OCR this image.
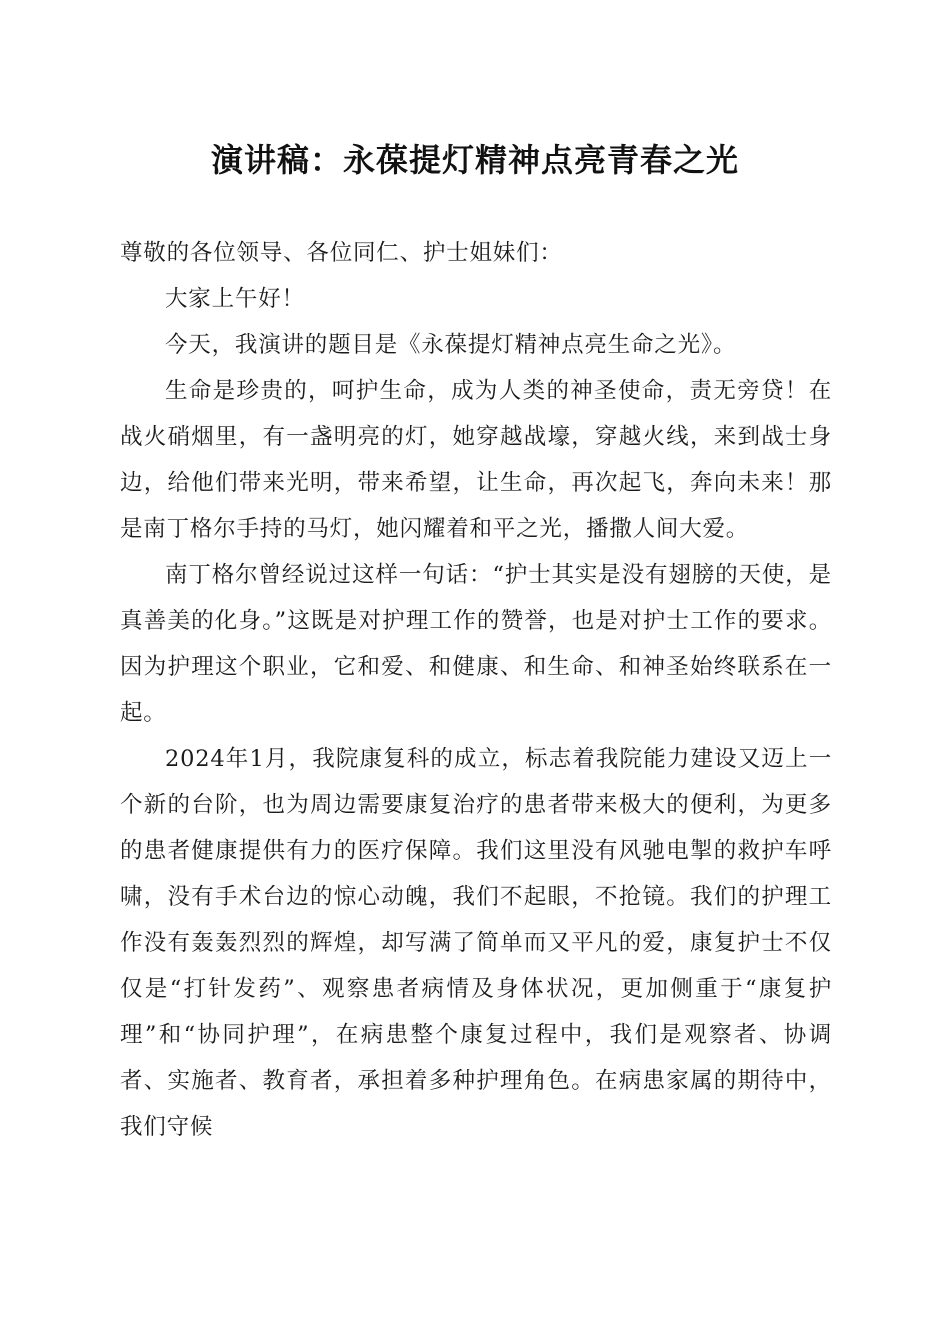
演讲稿：永葆提灯精神点亮青春之光

尊敬的各位领导、各位同仁、护士姐妹们：

大家上午好！

今天，我演讲的题目是《永葆提灯精神点亮生命之光》。

生命是珍贵的，呵护生命，成为人类的神圣使命，责无旁贷！在战火硝烟里，有一盏明亮的灯，她穿越战壕，穿越火线，来到战士身边，给他们带来光明，带来希望，让生命，再次起飞，奔向未来！那是南丁格尔手持的马灯，她闪耀着和平之光，播撒人间大爱。

南丁格尔曾经说过这样一句话：“护士其实是没有翅膀的天使，是真善美的化身。”这既是对护理工作的赞誉，也是对护士工作的要求。因为护理这个职业，它和爱、和健康、和生命、和神圣始终联系在一起。

2024年1月，我院康复科的成立，标志着我院能力建设又迈上一个新的台阶，也为周边需要康复治疗的患者带来极大的便利，为更多的患者健康提供有力的医疗保障。我们这里没有风驰电掣的救护车呼啸，没有手术台边的惊心动魄，我们不起眼，不抢镜。我们的护理工作没有轰轰烈烈的辉煌，却写满了简单而又平凡的爱，康复护士不仅仅是“打针发药”、观察患者病情及身体状况，更加侧重于“康复护理”和“协同护理”，在病患整个康复过程中，我们是观察者、协调者、实施者、教育者，承担着多种护理角色。在病患家属的期待中，我们守候
